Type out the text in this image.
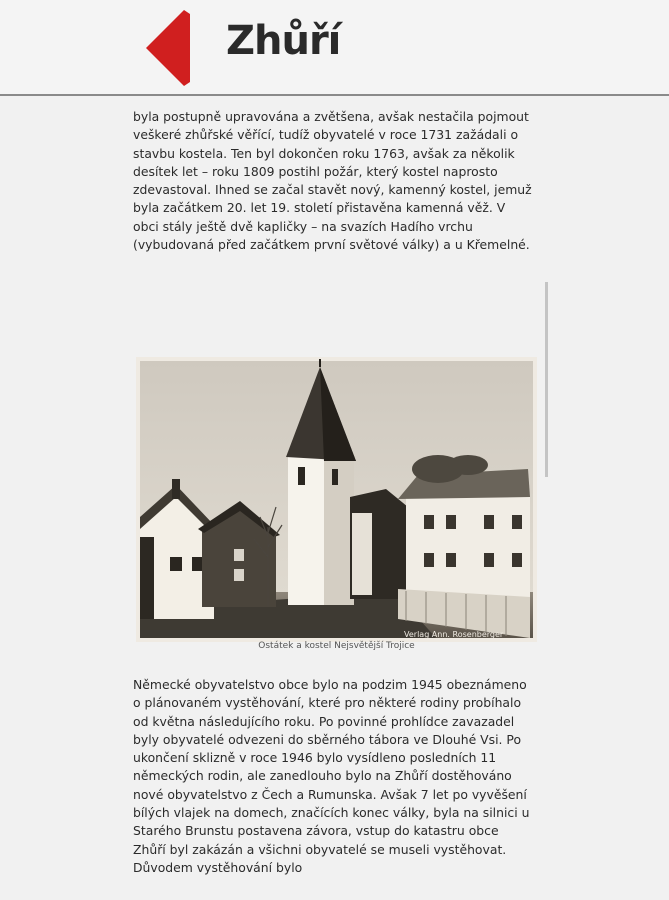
Zhůří

byla postupně upravována a zvětšena, avšak nestačila pojmout veškeré zhůřské věřící, tudíž obyvatelé v roce 1731 zažádali o stavbu kostela. Ten byl dokončen roku 1763, avšak za několik desítek let – roku 1809 postihl požár, který kostel naprosto zdevastoval. Ihned se začal stavět nový, kamenný kostel, jemuž byla začátkem 20. let 19. století přistavěna kamenná věž. V obci stály ještě dvě kapličky – na svazích Hadího vrchu (vybudovaná před začátkem první světové války) a u Křemelné.

Verlag Ann. Rosenberger
Ostátek a kostel Nejsvětější Trojice

Německé obyvatelstvo obce bylo na podzim 1945 obeznámeno o plánovaném vystěhování, které pro některé rodiny probíhalo od května následujícího roku. Po povinné prohlídce zavazadel byly obyvatelé odvezeni do sběrného tábora ve Dlouhé Vsi. Po ukončení sklizně v roce 1946 bylo vysídleno posledních 11 německých rodin, ale zanedlouho bylo na Zhůří dostěhováno nové obyvatelstvo z Čech a Rumunska. Avšak 7 let po vyvěšení bílých vlajek na domech, značících konec války, byla na silnici u Starého Brunstu postavena závora, vstup do katastru obce Zhůří byl zakázán a všichni obyvatelé se museli vystěhovat. Důvodem vystěhování bylo
